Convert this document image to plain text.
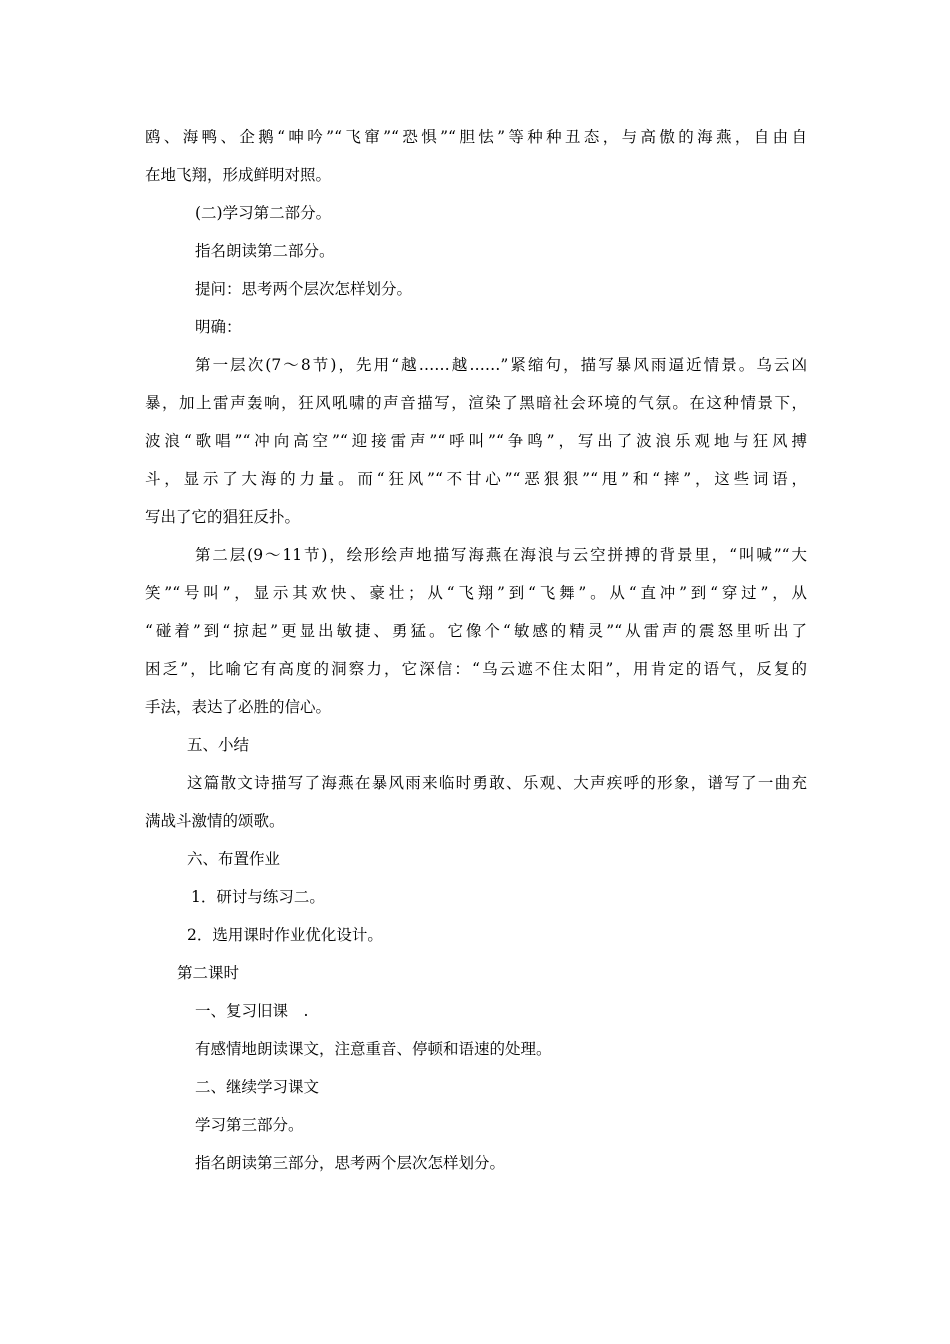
鸥、海鸭、企鹅“呻吟”“飞窜”“恐惧”“胆怯”等种种丑态，与高傲的海燕，自由自
在地飞翔，形成鲜明对照。
(二)学习第二部分。
指名朗读第二部分。
提问：思考两个层次怎样划分。
明确：
第一层次(7～8节)，先用“越……越……”紧缩句，描写暴风雨逼近情景。乌云凶
暴，加上雷声轰响，狂风吼啸的声音描写，渲染了黑暗社会环境的气氛。在这种情景下，
波浪“歌唱”“冲向高空”“迎接雷声”“呼叫”“争鸣”，写出了波浪乐观地与狂风搏
斗，显示了大海的力量。而“狂风”“不甘心”“恶狠狠”“甩”和“摔”，这些词语，
写出了它的猖狂反扑。
第二层(9～11节)，绘形绘声地描写海燕在海浪与云空拼搏的背景里，“叫喊”“大
笑”“号叫”，显示其欢快、豪壮；从“飞翔”到“飞舞”。从“直冲”到“穿过”，从
“碰着”到“掠起”更显出敏捷、勇猛。它像个“敏感的精灵”“从雷声的震怒里听出了
困乏”，比喻它有高度的洞察力，它深信：“乌云遮不住太阳”，用肯定的语气，反复的
手法，表达了必胜的信心。
五、小结
这篇散文诗描写了海燕在暴风雨来临时勇敢、乐观、大声疾呼的形象，谱写了一曲充
满战斗激情的颂歌。
六、布置作业
1．研讨与练习二。
2．选用课时作业优化设计。
第二课时
一、复习旧课　.
有感情地朗读课文，注意重音、停顿和语速的处理。
二、继续学习课文
学习第三部分。
指名朗读第三部分，思考两个层次怎样划分。
